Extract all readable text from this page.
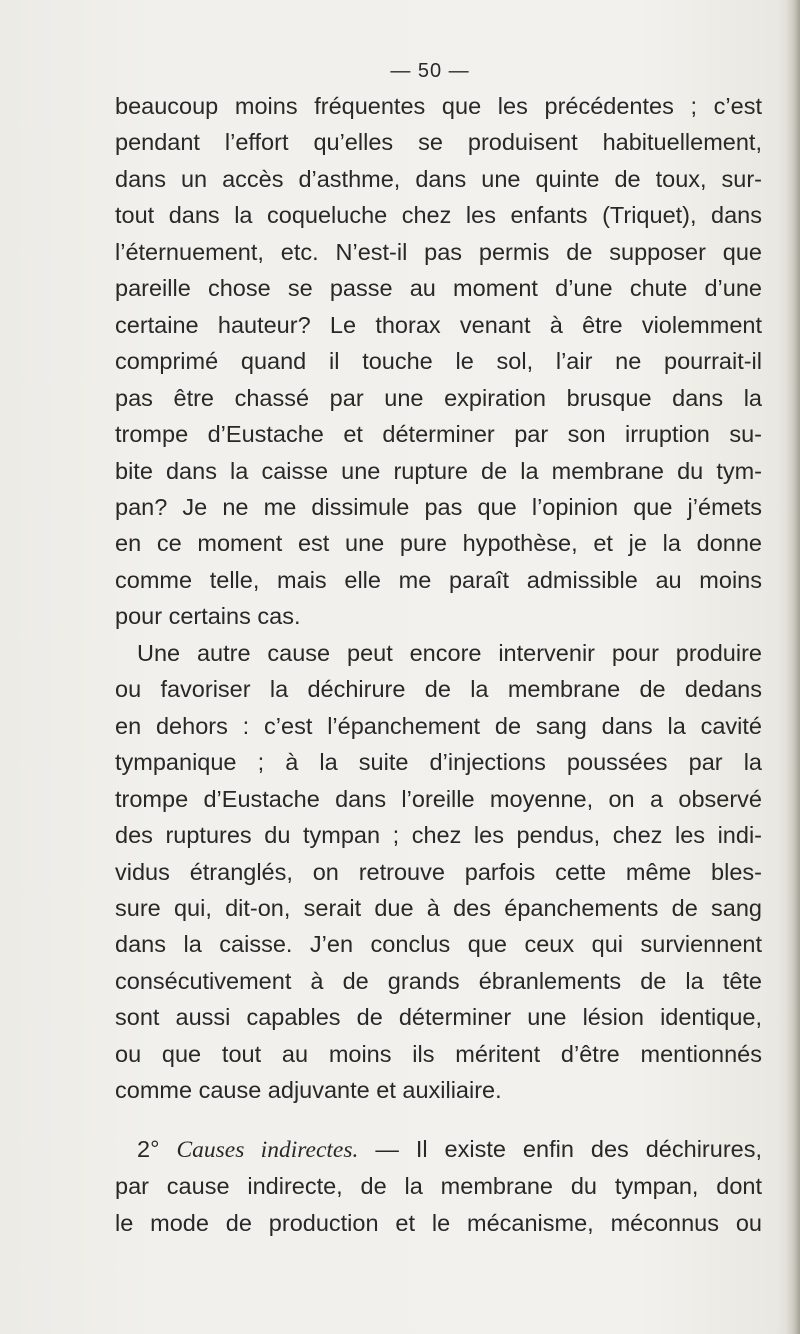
— 50 —
beaucoup moins fréquentes que les précédentes ; c’est
pendant l’effort qu’elles se produisent habituellement,
dans un accès d’asthme, dans une quinte de toux, sur-
tout dans la coqueluche chez les enfants (Triquet), dans
l’éternuement, etc. N’est-il pas permis de supposer que
pareille chose se passe au moment d’une chute d’une
certaine hauteur? Le thorax venant à être violemment
comprimé quand il touche le sol, l’air ne pourrait-il
pas être chassé par une expiration brusque dans la
trompe d’Eustache et déterminer par son irruption su-
bite dans la caisse une rupture de la membrane du tym-
pan? Je ne me dissimule pas que l’opinion que j’émets
en ce moment est une pure hypothèse, et je la donne
comme telle, mais elle me paraît admissible au moins
pour certains cas.
Une autre cause peut encore intervenir pour produire
ou favoriser la déchirure de la membrane de dedans
en dehors : c’est l’épanchement de sang dans la cavité
tympanique ; à la suite d’injections poussées par la
trompe d’Eustache dans l’oreille moyenne, on a observé
des ruptures du tympan ; chez les pendus, chez les indi-
vidus étranglés, on retrouve parfois cette même bles-
sure qui, dit-on, serait due à des épanchements de sang
dans la caisse. J’en conclus que ceux qui surviennent
consécutivement à de grands ébranlements de la tête
sont aussi capables de déterminer une lésion identique,
ou que tout au moins ils méritent d’être mentionnés
comme cause adjuvante et auxiliaire.
2° Causes indirectes. — Il existe enfin des déchirures,
par cause indirecte, de la membrane du tympan, dont
le mode de production et le mécanisme, méconnus ou
